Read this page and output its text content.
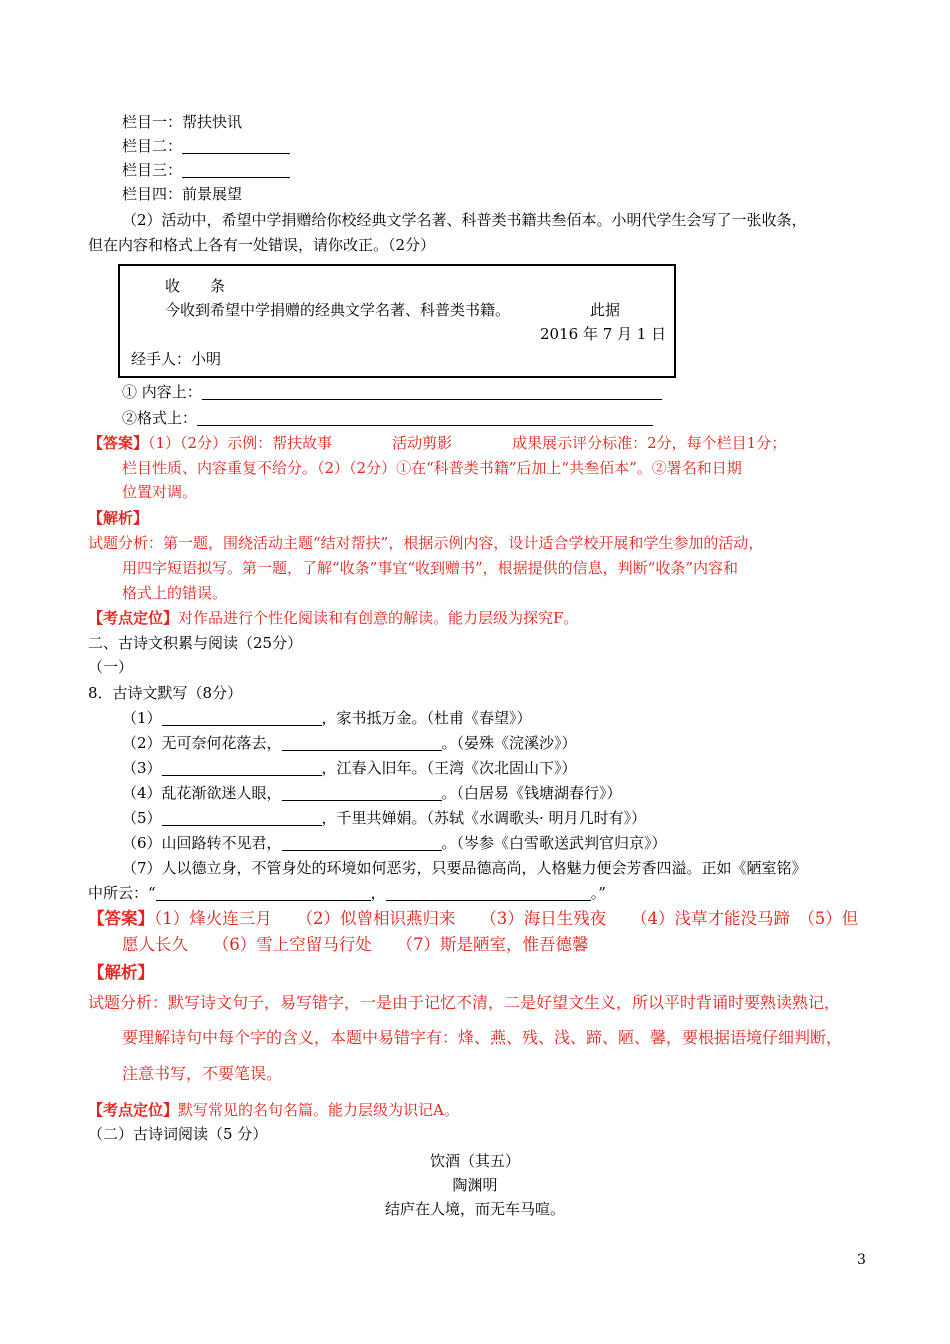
栏目一：帮扶快讯
栏目二：
栏目三：
栏目四：前景展望
（2）活动中，希望中学捐赠给你校经典文学名著、科普类书籍共叁佰本。小明代学生会写了一张收条，
但在内容和格式上各有一处错误，请你改正。（2分）
收　　条
今收到希望中学捐赠的经典文学名著、科普类书籍。	此据
2016 年 7 月 1 日
经手人：小明
① 内容上：
②格式上：
【答案】（1）（2分）示例：帮扶故事　　　　活动剪影　　　　成果展示评分标准：2分，每个栏目1分；
栏目性质、内容重复不给分。（2）（2分）①在“科普类书籍”后加上“共叁佰本”。②署名和日期
位置对调。
【解析】
试题分析：第一题，围绕活动主题“结对帮扶”，根据示例内容，设计适合学校开展和学生参加的活动，
用四字短语拟写。第一题，了解“收条”事宜“收到赠书”，根据提供的信息，判断“收条”内容和
格式上的错误。
【考点定位】对作品进行个性化阅读和有创意的解读。能力层级为探究F。
二、古诗文积累与阅读（25分）
（一）
8．古诗文默写（8分）
（1）	，家书抵万金。（杜甫《春望》）
（2）无可奈何花落去，	。（晏殊《浣溪沙》）
（3）	，江春入旧年。（王湾《次北固山下》）
（4）乱花渐欲迷人眼，	。（白居易《钱塘湖春行》）
（5）	，千里共婵娟。（苏轼《水调歌头· 明月几时有》）
（6）山回路转不见君，	。（岑参《白雪歌送武判官归京》）
（7）人以德立身，不管身处的环境如何恶劣，只要品德高尚，人格魅力便会芳香四溢。正如《陋室铭》
中所云：“	，	。”
【答案】（1）烽火连三月　　（2）似曾相识燕归来　　（3）海日生残夜　　（4）浅草才能没马蹄　（5）但
愿人长久　　（6）雪上空留马行处　　（7）斯是陋室，惟吾德馨
【解析】
试题分析：默写诗文句子，易写错字，一是由于记忆不清，二是好望文生义，所以平时背诵时要熟读熟记，
要理解诗句中每个字的含义，本题中易错字有：烽、燕、残、浅、蹄、陋、馨，要根据语境仔细判断，
注意书写，不要笔误。
【考点定位】默写常见的名句名篇。能力层级为识记A。
（二）古诗词阅读（5 分）
饮酒（其五）
陶渊明
结庐在人境，而无车马喧。
3
